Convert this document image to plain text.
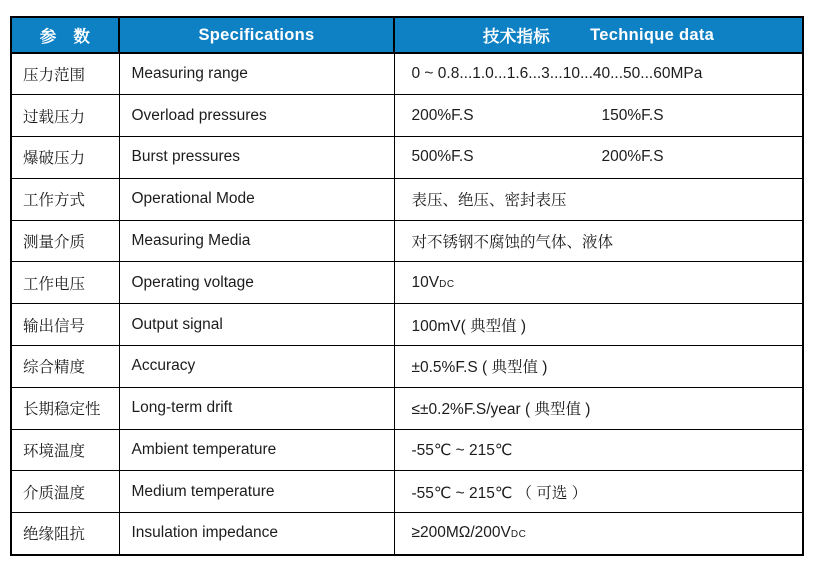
参　数	Specifications	技术指标 Technique data

压力范围	Measuring range	0 ~ 0.8...1.0...1.6...3...10...40...50...60MPa
过载压力	Overload pressures	200%F.S 150%F.S

爆破压力	Burst pressures	500%F.S 200%F.S

工作方式	Operational Mode	表压、绝压、密封表压
测量介质	Measuring Media	对不锈钢不腐蚀的气体、液体
工作电压	Operating voltage	10VDC
输出信号	Output signal	100mV( 典型值 )
综合精度	Accuracy	±0.5%F.S ( 典型值 )
长期稳定性	Long-term drift	≤±0.2%F.S/year ( 典型值 )
环境温度	Ambient temperature	-55℃ ~ 215℃
介质温度	Medium temperature	-55℃ ~ 215℃ （ 可选 ）
绝缘阻抗	Insulation impedance	≥200MΩ/200VDC
